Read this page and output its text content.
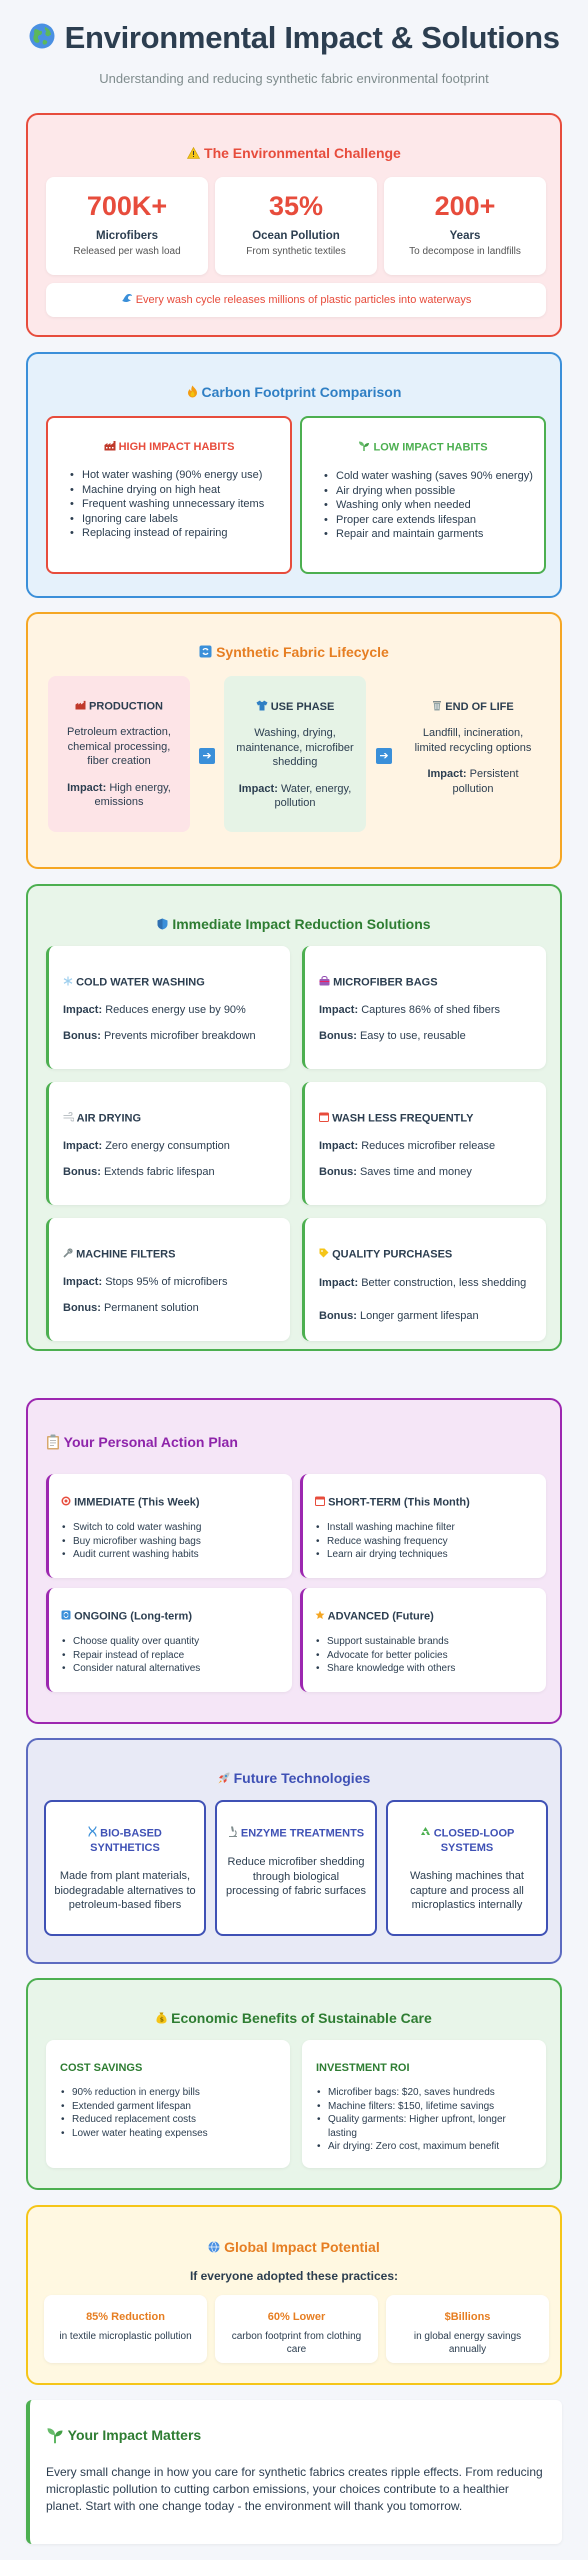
Environmental Impact & Solutions
Understanding and reducing synthetic fabric environmental footprint
The Environmental Challenge
700K+
Microfibers
Released per wash load
35%
Ocean Pollution
From synthetic textiles
200+
Years
To decompose in landfills
Every wash cycle releases millions of plastic particles into waterways
Carbon Footprint Comparison
HIGH IMPACT HABITS
• Hot water washing (90% energy use)
• Machine drying on high heat
• Frequent washing unnecessary items
• Ignoring care labels
• Replacing instead of repairing
LOW IMPACT HABITS
• Cold water washing (saves 90% energy)
• Air drying when possible
• Washing only when needed
• Proper care extends lifespan
• Repair and maintain garments
Synthetic Fabric Lifecycle
PRODUCTION
Petroleum extraction, chemical processing, fiber creation
Impact: High energy, emissions
➔
USE PHASE
Washing, drying, maintenance, microfiber shedding
Impact: Water, energy, pollution
➔
END OF LIFE
Landfill, incineration, limited recycling options
Impact: Persistent pollution
Immediate Impact Reduction Solutions
COLD WATER WASHING
Impact: Reduces energy use by 90%
Bonus: Prevents microfiber breakdown
MICROFIBER BAGS
Impact: Captures 86% of shed fibers
Bonus: Easy to use, reusable
AIR DRYING
Impact: Zero energy consumption
Bonus: Extends fabric lifespan
WASH LESS FREQUENTLY
Impact: Reduces microfiber release
Bonus: Saves time and money
MACHINE FILTERS
Impact: Stops 95% of microfibers
Bonus: Permanent solution
QUALITY PURCHASES
Impact: Better construction, less shedding
Bonus: Longer garment lifespan
Your Personal Action Plan
IMMEDIATE (This Week)
• Switch to cold water washing
• Buy microfiber washing bags
• Audit current washing habits
SHORT-TERM (This Month)
• Install washing machine filter
• Reduce washing frequency
• Learn air drying techniques
ONGOING (Long-term)
• Choose quality over quantity
• Repair instead of replace
• Consider natural alternatives
ADVANCED (Future)
• Support sustainable brands
• Advocate for better policies
• Share knowledge with others
Future Technologies
BIO-BASED SYNTHETICS
Made from plant materials, biodegradable alternatives to petroleum-based fibers
ENZYME TREATMENTS
Reduce microfiber shedding through biological processing of fabric surfaces
CLOSED-LOOP SYSTEMS
Washing machines that capture and process all microplastics internally
$ Economic Benefits of Sustainable Care
COST SAVINGS
• 90% reduction in energy bills
• Extended garment lifespan
• Reduced replacement costs
• Lower water heating expenses
INVESTMENT ROI
• Microfiber bags: $20, saves hundreds
• Machine filters: $150, lifetime savings
• Quality garments: Higher upfront, longer lasting
• Air drying: Zero cost, maximum benefit
Global Impact Potential
If everyone adopted these practices:
85% Reduction
in textile microplastic pollution
60% Lower
carbon footprint from clothing care
$Billions
in global energy savings annually
Your Impact Matters
Every small change in how you care for synthetic fabrics creates ripple effects. From reducing microplastic pollution to cutting carbon emissions, your choices contribute to a healthier planet. Start with one change today - the environment will thank you tomorrow.
